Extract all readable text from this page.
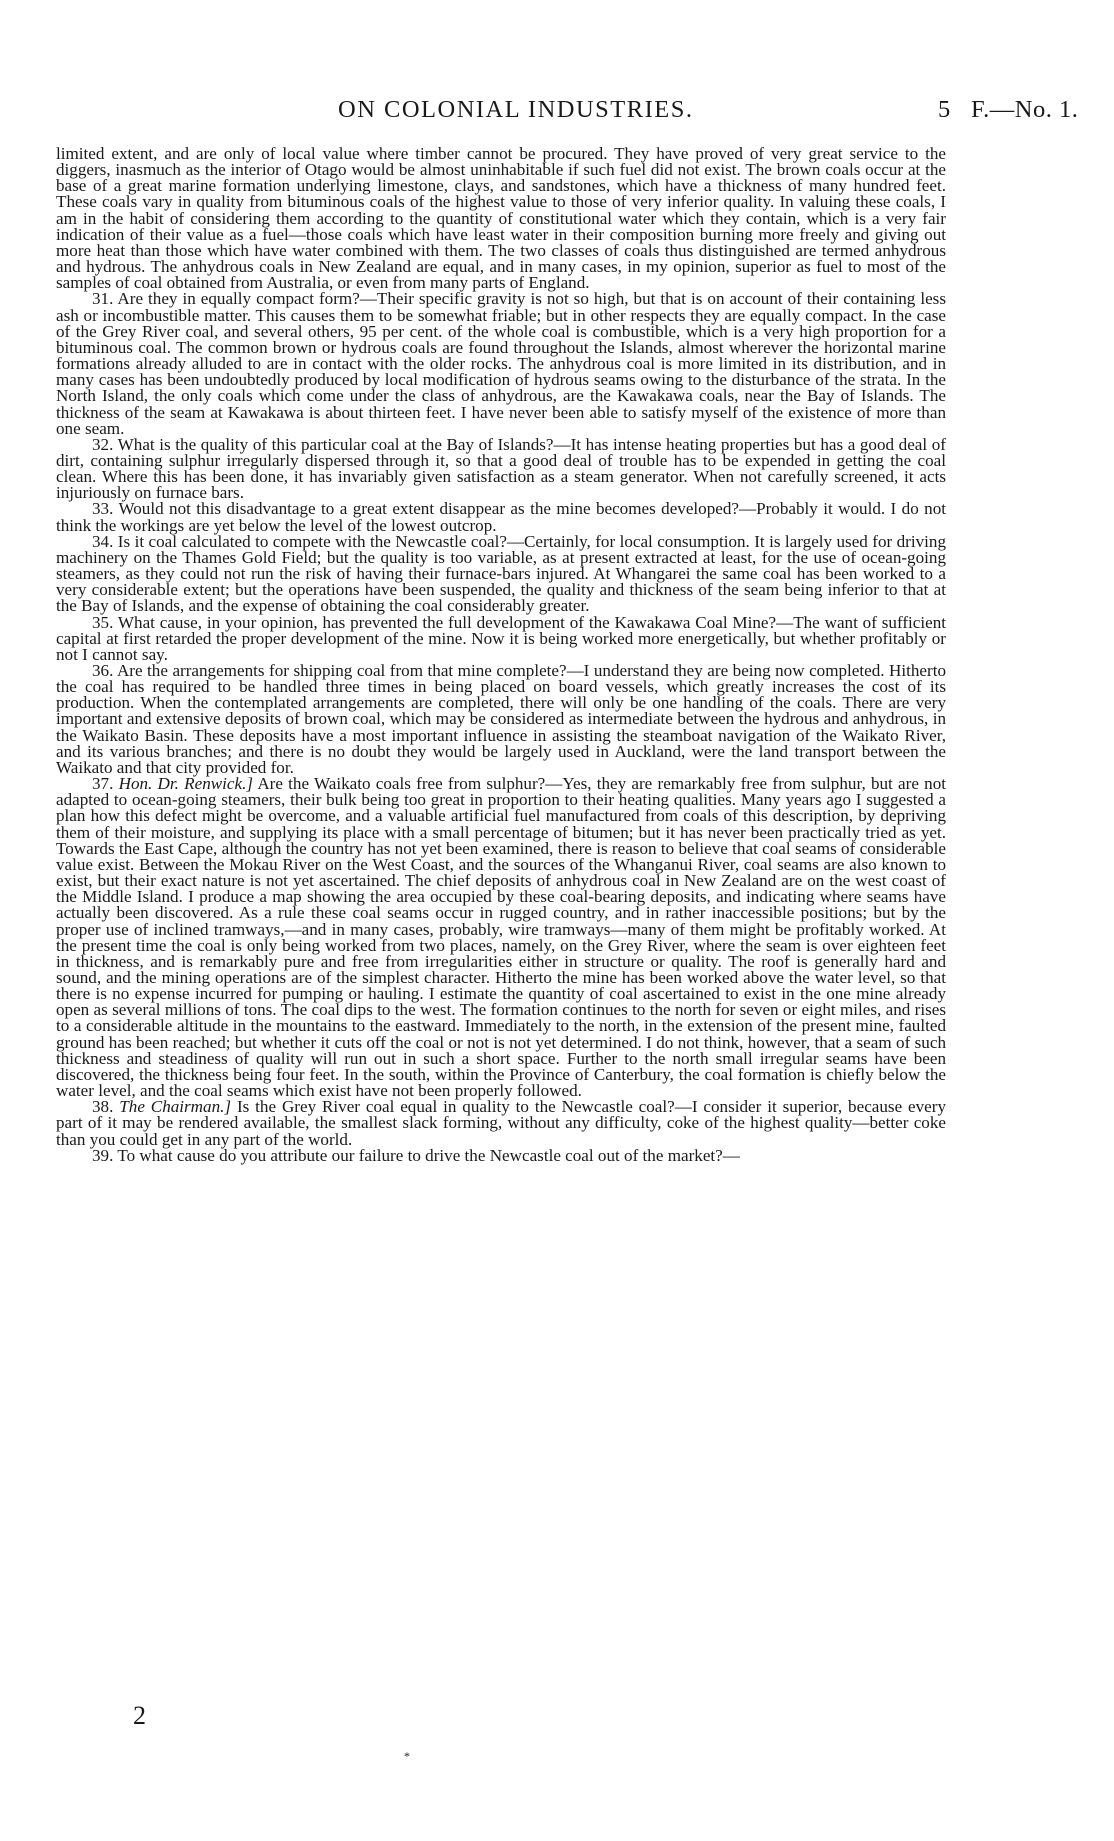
ON COLONIAL INDUSTRIES.	5 F.—No. 1.

limited extent, and are only of local value where timber cannot be procured. They have proved of very great service to the diggers, inasmuch as the interior of Otago would be almost uninhabitable if such fuel did not exist. The brown coals occur at the base of a great marine formation underlying limestone, clays, and sandstones, which have a thickness of many hundred feet. These coals vary in quality from bituminous coals of the highest value to those of very inferior quality. In valuing these coals, I am in the habit of considering them according to the quantity of constitutional water which they contain, which is a very fair indication of their value as a fuel—those coals which have least water in their composition burning more freely and giving out more heat than those which have water combined with them. The two classes of coals thus distinguished are termed anhydrous and hydrous. The anhydrous coals in New Zealand are equal, and in many cases, in my opinion, superior as fuel to most of the samples of coal obtained from Australia, or even from many parts of England.

31. Are they in equally compact form?—Their specific gravity is not so high, but that is on account of their containing less ash or incombustible matter. This causes them to be somewhat friable; but in other respects they are equally compact. In the case of the Grey River coal, and several others, 95 per cent. of the whole coal is combustible, which is a very high proportion for a bituminous coal. The common brown or hydrous coals are found throughout the Islands, almost wherever the horizontal marine formations already alluded to are in contact with the older rocks. The anhydrous coal is more limited in its distribution, and in many cases has been undoubtedly produced by local modification of hydrous seams owing to the disturbance of the strata. In the North Island, the only coals which come under the class of anhydrous, are the Kawakawa coals, near the Bay of Islands. The thickness of the seam at Kawakawa is about thirteen feet. I have never been able to satisfy myself of the existence of more than one seam.

32. What is the quality of this particular coal at the Bay of Islands?—It has intense heating properties but has a good deal of dirt, containing sulphur irregularly dispersed through it, so that a good deal of trouble has to be expended in getting the coal clean. Where this has been done, it has invariably given satisfaction as a steam generator. When not carefully screened, it acts injuriously on furnace bars.

33. Would not this disadvantage to a great extent disappear as the mine becomes developed?—Probably it would. I do not think the workings are yet below the level of the lowest outcrop.

34. Is it coal calculated to compete with the Newcastle coal?—Certainly, for local consumption. It is largely used for driving machinery on the Thames Gold Field; but the quality is too variable, as at present extracted at least, for the use of ocean-going steamers, as they could not run the risk of having their furnace-bars injured. At Whangarei the same coal has been worked to a very considerable extent; but the operations have been suspended, the quality and thickness of the seam being inferior to that at the Bay of Islands, and the expense of obtaining the coal considerably greater.

35. What cause, in your opinion, has prevented the full development of the Kawakawa Coal Mine?—The want of sufficient capital at first retarded the proper development of the mine. Now it is being worked more energetically, but whether profitably or not I cannot say.

36. Are the arrangements for shipping coal from that mine complete?—I understand they are being now completed. Hitherto the coal has required to be handled three times in being placed on board vessels, which greatly increases the cost of its production. When the contemplated arrangements are completed, there will only be one handling of the coals. There are very important and extensive deposits of brown coal, which may be considered as intermediate between the hydrous and anhydrous, in the Waikato Basin. These deposits have a most important influence in assisting the steamboat navigation of the Waikato River, and its various branches; and there is no doubt they would be largely used in Auckland, were the land transport between the Waikato and that city provided for.

37. Hon. Dr. Renwick.] Are the Waikato coals free from sulphur?—Yes, they are remarkably free from sulphur, but are not adapted to ocean-going steamers, their bulk being too great in proportion to their heating qualities. Many years ago I suggested a plan how this defect might be overcome, and a valuable artificial fuel manufactured from coals of this description, by depriving them of their moisture, and supplying its place with a small percentage of bitumen; but it has never been practically tried as yet. Towards the East Cape, although the country has not yet been examined, there is reason to believe that coal seams of considerable value exist. Between the Mokau River on the West Coast, and the sources of the Whanganui River, coal seams are also known to exist, but their exact nature is not yet ascertained. The chief deposits of anhydrous coal in New Zealand are on the west coast of the Middle Island. I produce a map showing the area occupied by these coal-bearing deposits, and indicating where seams have actually been discovered. As a rule these coal seams occur in rugged country, and in rather inaccessible positions; but by the proper use of inclined tramways,—and in many cases, probably, wire tramways—many of them might be profitably worked. At the present time the coal is only being worked from two places, namely, on the Grey River, where the seam is over eighteen feet in thickness, and is remarkably pure and free from irregularities either in structure or quality. The roof is generally hard and sound, and the mining operations are of the simplest character. Hitherto the mine has been worked above the water level, so that there is no expense incurred for pumping or hauling. I estimate the quantity of coal ascertained to exist in the one mine already open as several millions of tons. The coal dips to the west. The formation continues to the north for seven or eight miles, and rises to a considerable altitude in the mountains to the eastward. Immediately to the north, in the extension of the present mine, faulted ground has been reached; but whether it cuts off the coal or not is not yet determined. I do not think, however, that a seam of such thickness and steadiness of quality will run out in such a short space. Further to the north small irregular seams have been discovered, the thickness being four feet. In the south, within the Province of Canterbury, the coal formation is chiefly below the water level, and the coal seams which exist have not been properly followed.

38. The Chairman.] Is the Grey River coal equal in quality to the Newcastle coal?—I consider it superior, because every part of it may be rendered available, the smallest slack forming, without any difficulty, coke of the highest quality—better coke than you could get in any part of the world.

39. To what cause do you attribute our failure to drive the Newcastle coal out of the market?—

2
*
